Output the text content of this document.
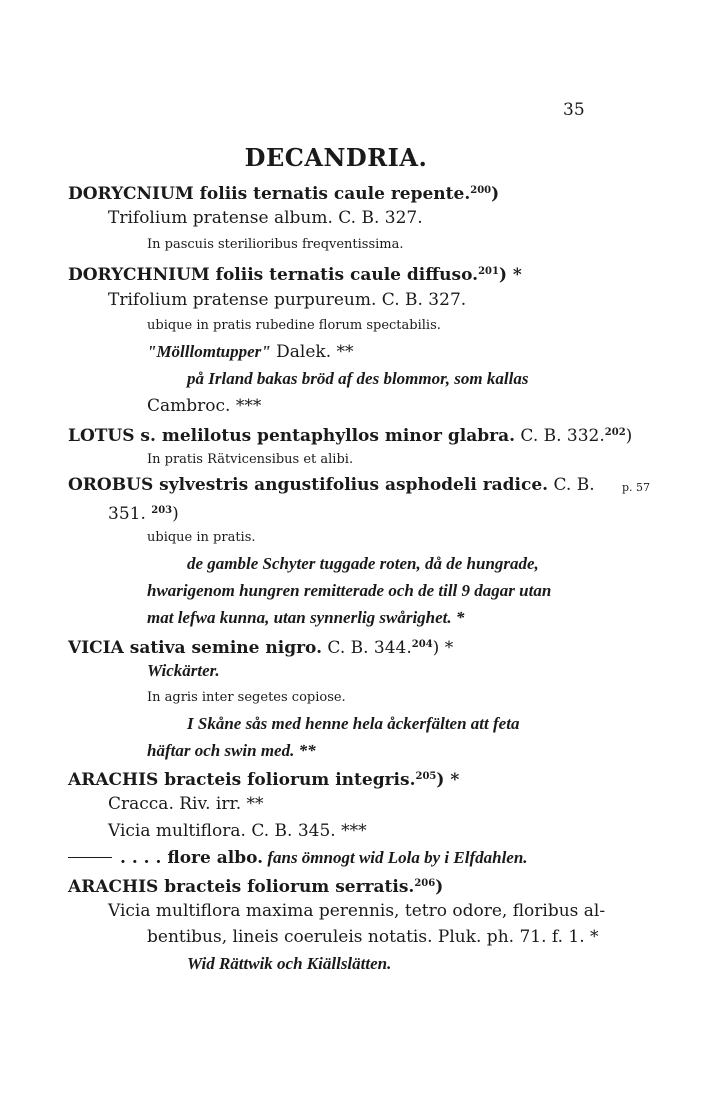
35
DECANDRIA.
DORYCNIUM foliis ternatis caule repente.$^{200}$)
Trifolium pratense album. C. B. 327.
In pascuis sterilioribus freqventissima.
DORYCHNIUM foliis ternatis caule diffuso.$^{201}$) *
Trifolium pratense purpureum. C. B. 327.
ubique in pratis rubedine florum spectabilis.
"Mölllomtupper" Dalek. **
på Irland bakas bröd af des blommor, som kallas
Cambroc. ***
LOTUS s. melilotus pentaphyllos minor glabra. C. B. 332.$^{202}$)
In pratis Rätvicensibus et alibi.
OROBUS sylvestris angustifolius asphodeli radice. C. B. p. 57
351. $^{203}$)
ubique in pratis.
de gamble Schyter tuggade roten, då de hungrade,
hwarigenom hungren remitterade och de till 9 dagar utan
mat lefwa kunna, utan synnerlig swårighet. *
VICIA sativa semine nigro. C. B. 344.$^{204}$) *
Wickärter.
In agris inter segetes copiose.
I Skåne sås med henne hela åckerfälten att feta
häftar och swin med. **
ARACHIS bracteis foliorum integris.$^{205}$) *
Cracca. Riv. irr. **
Vicia multiflora. C. B. 345. ***
. . . . flore albo. fans ömnogt wid Lola by i Elfdahlen.
ARACHIS bracteis foliorum serratis.$^{206}$)
Vicia multiflora maxima perennis, tetro odore, floribus al-
bentibus, lineis coeruleis notatis. Pluk. ph. 71. f. 1. *
Wid Rättwik och Kiällslätten.
